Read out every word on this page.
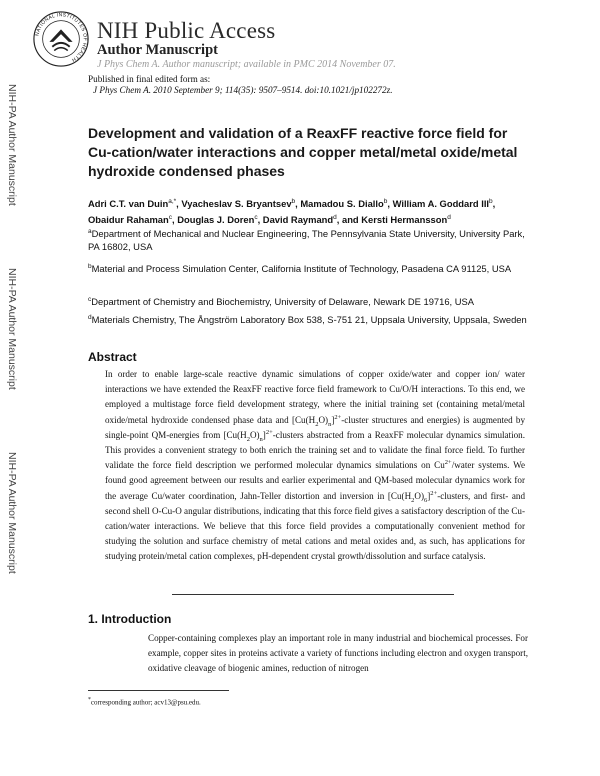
NATIONAL INSTITUTES OF HEALTH
NIH Public Access
Author Manuscript
J Phys Chem A. Author manuscript; available in PMC 2014 November 07.
Published in final edited form as:
J Phys Chem A. 2010 September 9; 114(35): 9507–9514. doi:10.1021/jp102272z.
NIH-PA Author Manuscript
NIH-PA Author Manuscript
NIH-PA Author Manuscript
Development and validation of a ReaxFF reactive force field for Cu-cation/water interactions and copper metal/metal oxide/metal hydroxide condensed phases
Adri C.T. van Duin$^{a,*}$, Vyacheslav S. Bryantsev$^b$, Mamadou S. Diallo$^b$, William A. Goddard III$^b$, Obaidur Rahaman$^c$, Douglas J. Doren$^c$, David Raymand$^d$, and Kersti Hermansson$^d$
$^a$Department of Mechanical and Nuclear Engineering, The Pennsylvania State University, University Park, PA 16802, USA
$^b$Material and Process Simulation Center, California Institute of Technology, Pasadena CA 91125, USA
$^c$Department of Chemistry and Biochemistry, University of Delaware, Newark DE 19716, USA
$^d$Materials Chemistry, The Ångström Laboratory Box 538, S-751 21, Uppsala University, Uppsala, Sweden
Abstract
In order to enable large-scale reactive dynamic simulations of copper oxide/water and copper ion/ water interactions we have extended the ReaxFF reactive force field framework to Cu/O/H interactions. To this end, we employed a multistage force field development strategy, where the initial training set (containing metal/metal oxide/metal hydroxide condensed phase data and $[Cu(H_2O)_n]^{2+}$-cluster structures and energies) is augmented by single-point QM-energies from $[Cu(H_2O)_n]^{2+}$-clusters abstracted from a ReaxFF molecular dynamics simulation. This provides a convenient strategy to both enrich the training set and to validate the final force field. To further validate the force field description we performed molecular dynamics simulations on $Cu^{2+}$/water systems. We found good agreement between our results and earlier experimental and QM-based molecular dynamics work for the average Cu/water coordination, Jahn-Teller distortion and inversion in $[Cu(H_2O)_6]^{2+}$-clusters, and first- and second shell O-Cu-O angular distributions, indicating that this force field gives a satisfactory description of the Cu-cation/water interactions. We believe that this force field provides a computationally convenient method for studying the solution and surface chemistry of metal cations and metal oxides and, as such, has applications for studying protein/metal cation complexes, pH-dependent crystal growth/dissolution and surface catalysis.
1. Introduction
Copper-containing complexes play an important role in many industrial and biochemical processes. For example, copper sites in proteins activate a variety of functions including electron and oxygen transport, oxidative cleavage of biogenic amines, reduction of nitrogen
*corresponding author; acv13@psu.edu.
